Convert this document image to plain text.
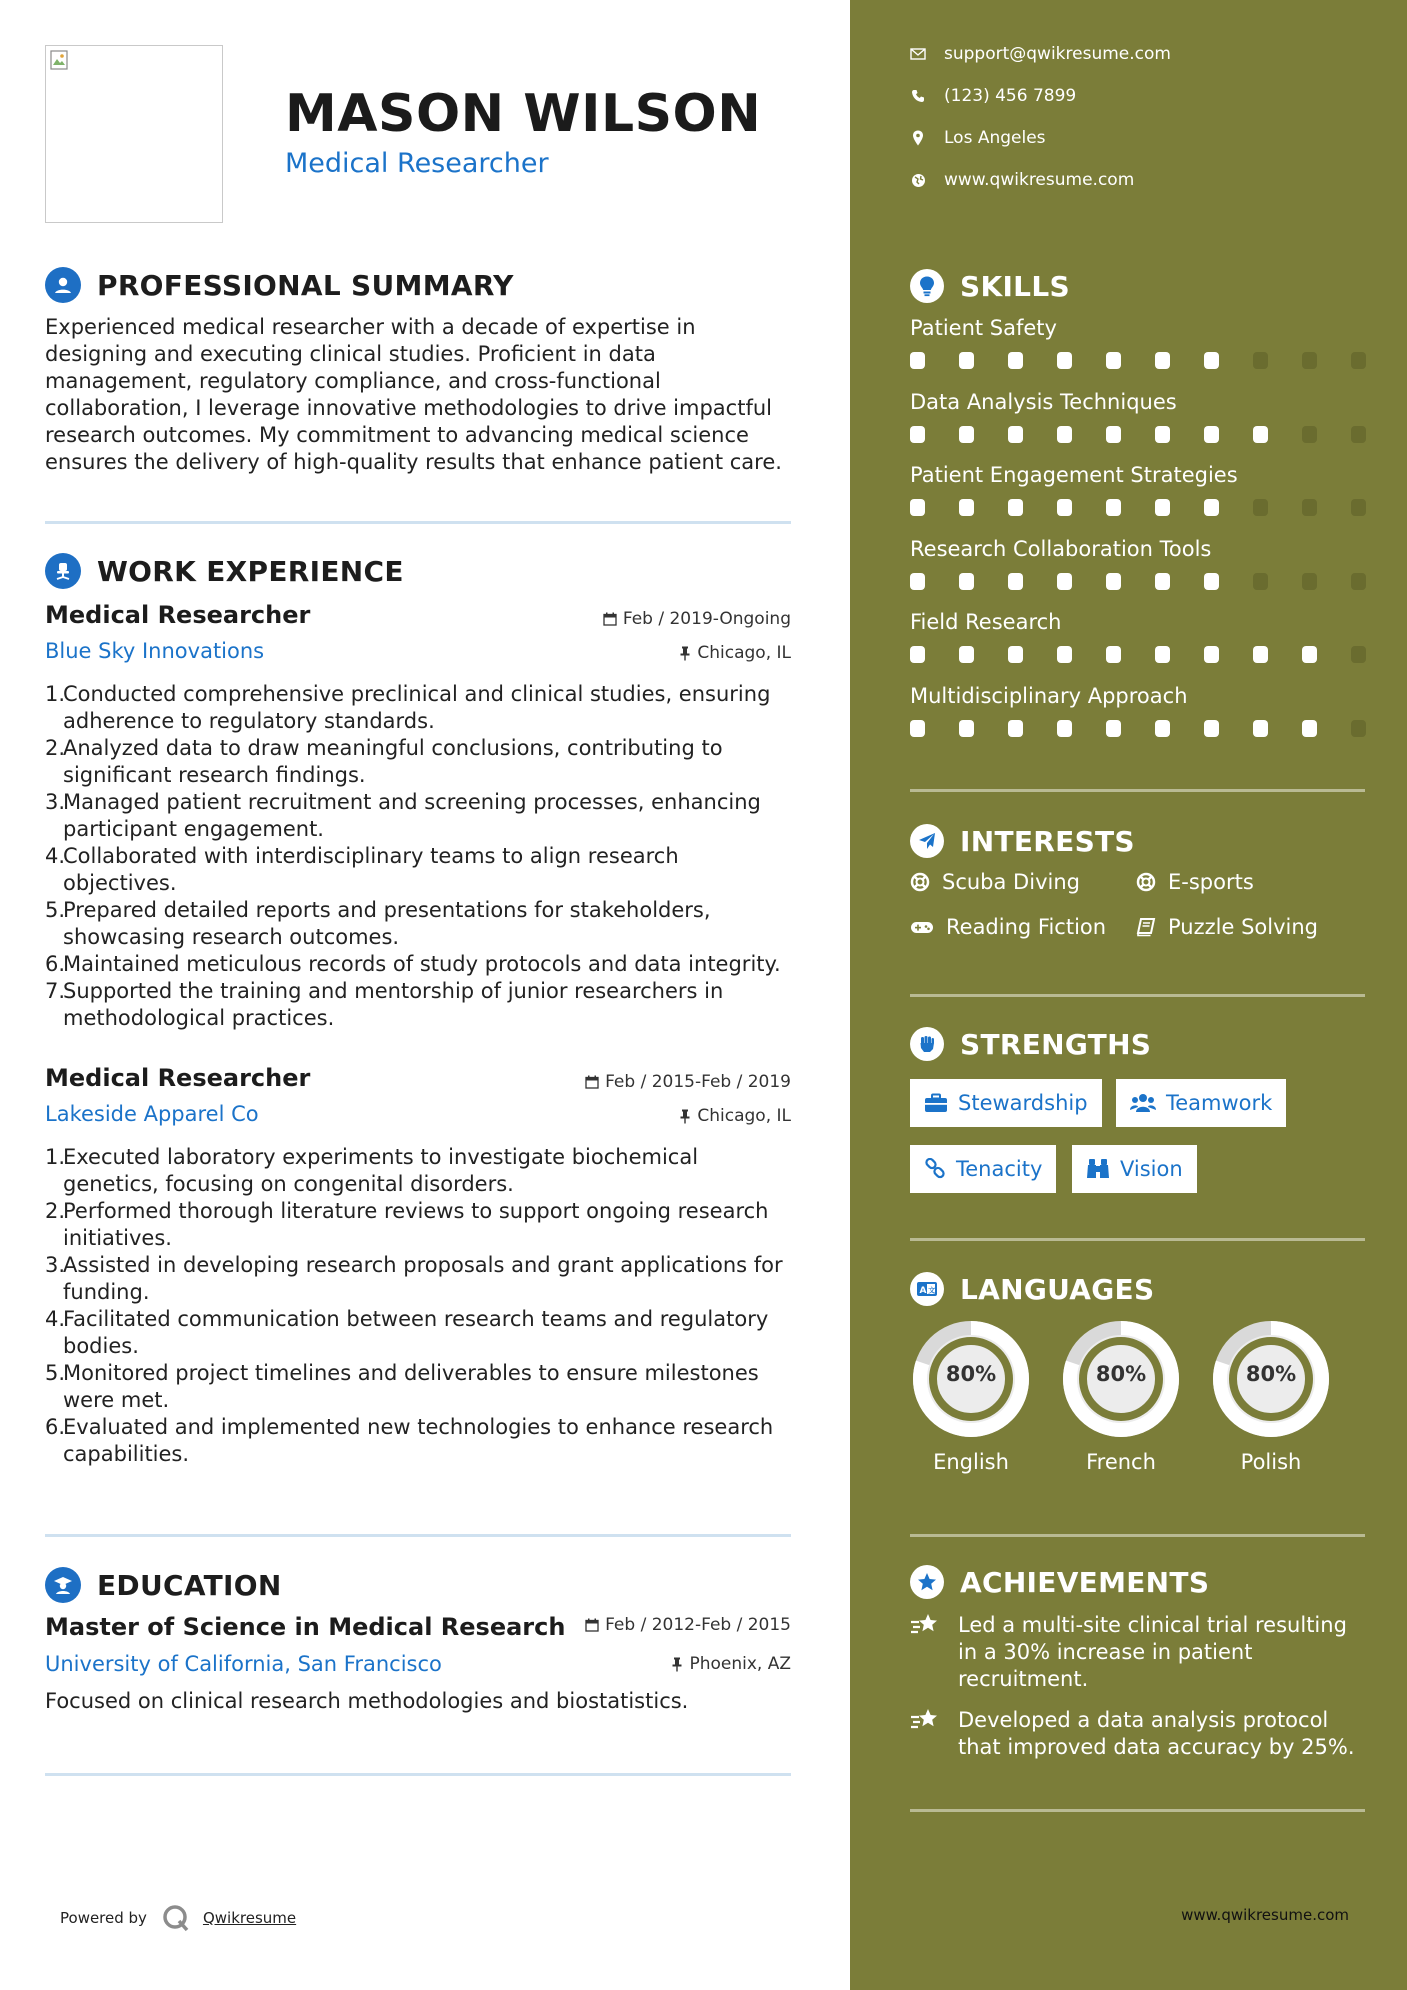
MASON WILSON

Medical Researcher

PROFESSIONAL SUMMARY

Experienced medical researcher with a decade of expertise in designing and executing clinical studies. Proficient in data management, regulatory compliance, and cross-functional collaboration, I leverage innovative methodologies to drive impactful research outcomes. My commitment to advancing medical science ensures the delivery of high-quality results that enhance patient care.

WORK EXPERIENCE
Medical Researcher	Feb / 2019-Ongoing
Blue Sky Innovations	Chicago, IL
1.
Conducted comprehensive preclinical and clinical studies, ensuring adherence to regulatory standards.
2.
Analyzed data to draw meaningful conclusions, contributing to significant research findings.
3.
Managed patient recruitment and screening processes, enhancing participant engagement.
4.
Collaborated with interdisciplinary teams to align research objectives.
5.
Prepared detailed reports and presentations for stakeholders, showcasing research outcomes.
6.
Maintained meticulous records of study protocols and data integrity.
7.
Supported the training and mentorship of junior researchers in methodological practices.
Medical Researcher	Feb / 2015-Feb / 2019
Lakeside Apparel Co	Chicago, IL
1.
Executed laboratory experiments to investigate biochemical genetics, focusing on congenital disorders.
2.
Performed thorough literature reviews to support ongoing research initiatives.
3.
Assisted in developing research proposals and grant applications for funding.
4.
Facilitated communication between research teams and regulatory bodies.
5.
Monitored project timelines and deliverables to ensure milestones were met.
6.
Evaluated and implemented new technologies to enhance research capabilities.
EDUCATION
Master of Science in Medical Research Feb / 2012-Feb / 2015
University of California, San Francisco	Phoenix, AZ

Focused on clinical research methodologies and biostatistics.

Powered by	Qwikresume
support@qwikresume.com
(123) 456 7899
Los Angeles
www.qwikresume.com
SKILLS
Patient Safety
Data Analysis Techniques
Patient Engagement Strategies
Research Collaboration Tools
Field Research
Multidisciplinary Approach
INTERESTS
Scuba Diving	E-sports
Reading Fiction	Puzzle Solving
STRENGTHS
Stewardship	Teamwork
Tenacity	Vision
A 文 LANGUAGES
80%
English
80%
French
80%
Polish
ACHIEVEMENTS
Led a multi-site clinical trial resulting in a 30% increase in patient recruitment.
Developed a data analysis protocol that improved data accuracy by 25%.
www.qwikresume.com
